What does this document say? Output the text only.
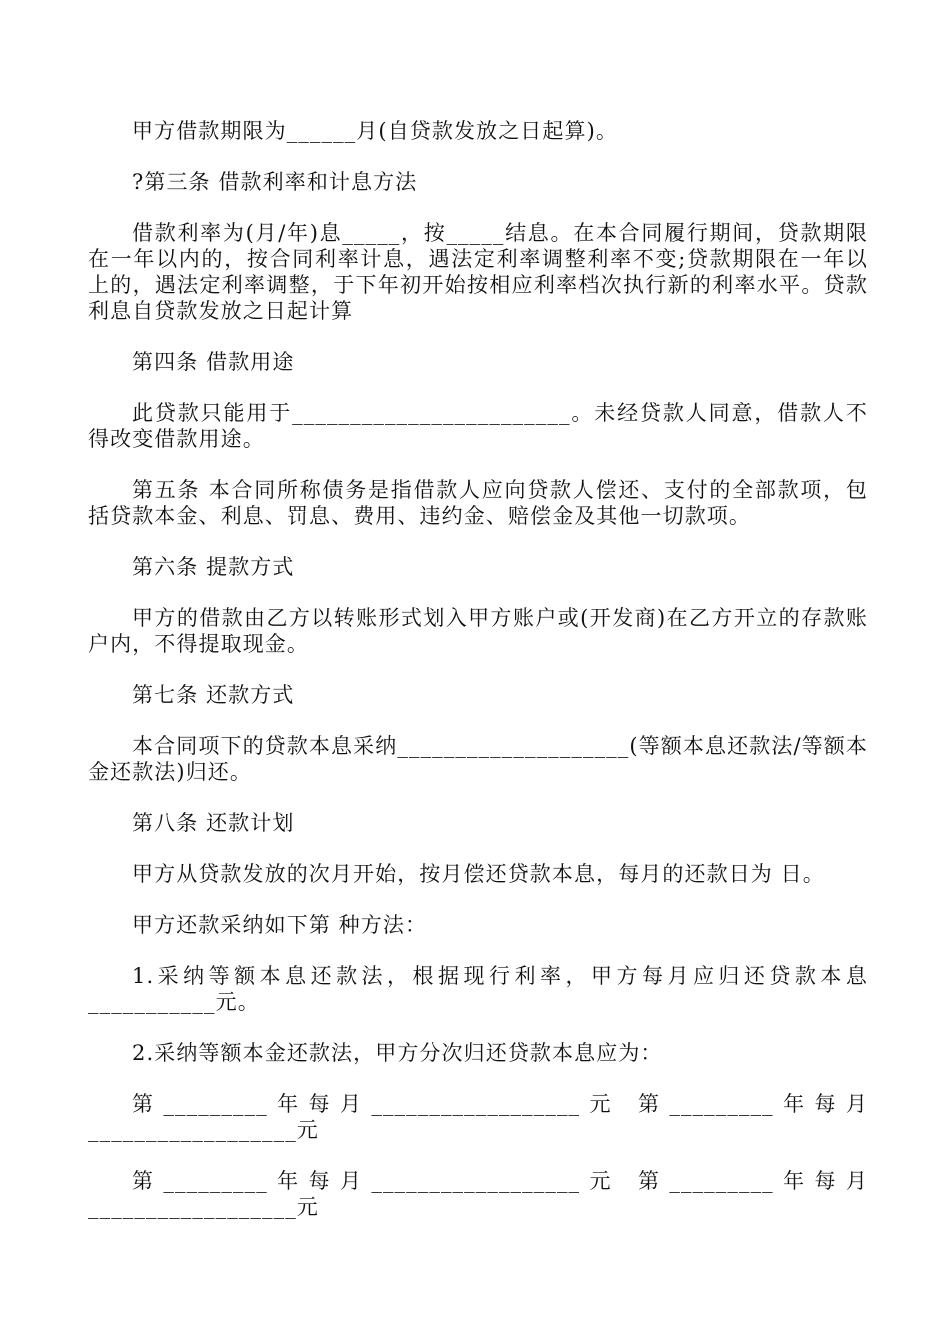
甲方借款期限为______月(自贷款发放之日起算)。

?第三条 借款利率和计息方法

借款利率为(月/年)息_____，按_____结息。在本合同履行期间，贷款期限在一年以内的，按合同利率计息，遇法定利率调整利率不变;贷款期限在一年以上的，遇法定利率调整，于下年初开始按相应利率档次执行新的利率水平。贷款利息自贷款发放之日起计算

第四条 借款用途

此贷款只能用于________________________。未经贷款人同意，借款人不得改变借款用途。

第五条 本合同所称债务是指借款人应向贷款人偿还、支付的全部款项，包括贷款本金、利息、罚息、费用、违约金、赔偿金及其他一切款项。

第六条 提款方式

甲方的借款由乙方以转账形式划入甲方账户或(开发商)在乙方开立的存款账户内，不得提取现金。

第七条 还款方式

本合同项下的贷款本息采纳____________________(等额本息还款法/等额本金还款法)归还。

第八条 还款计划

甲方从贷款发放的次月开始，按月偿还贷款本息，每月的还款日为 日。

甲方还款采纳如下第 种方法：

1.采纳等额本息还款法，根据现行利率，甲方每月应归还贷款本息___________元。

2.采纳等额本金还款法，甲方分次归还贷款本息应为：

第_________年每月__________________元 第_________年每月__________________元

第_________年每月__________________元 第_________年每月__________________元
